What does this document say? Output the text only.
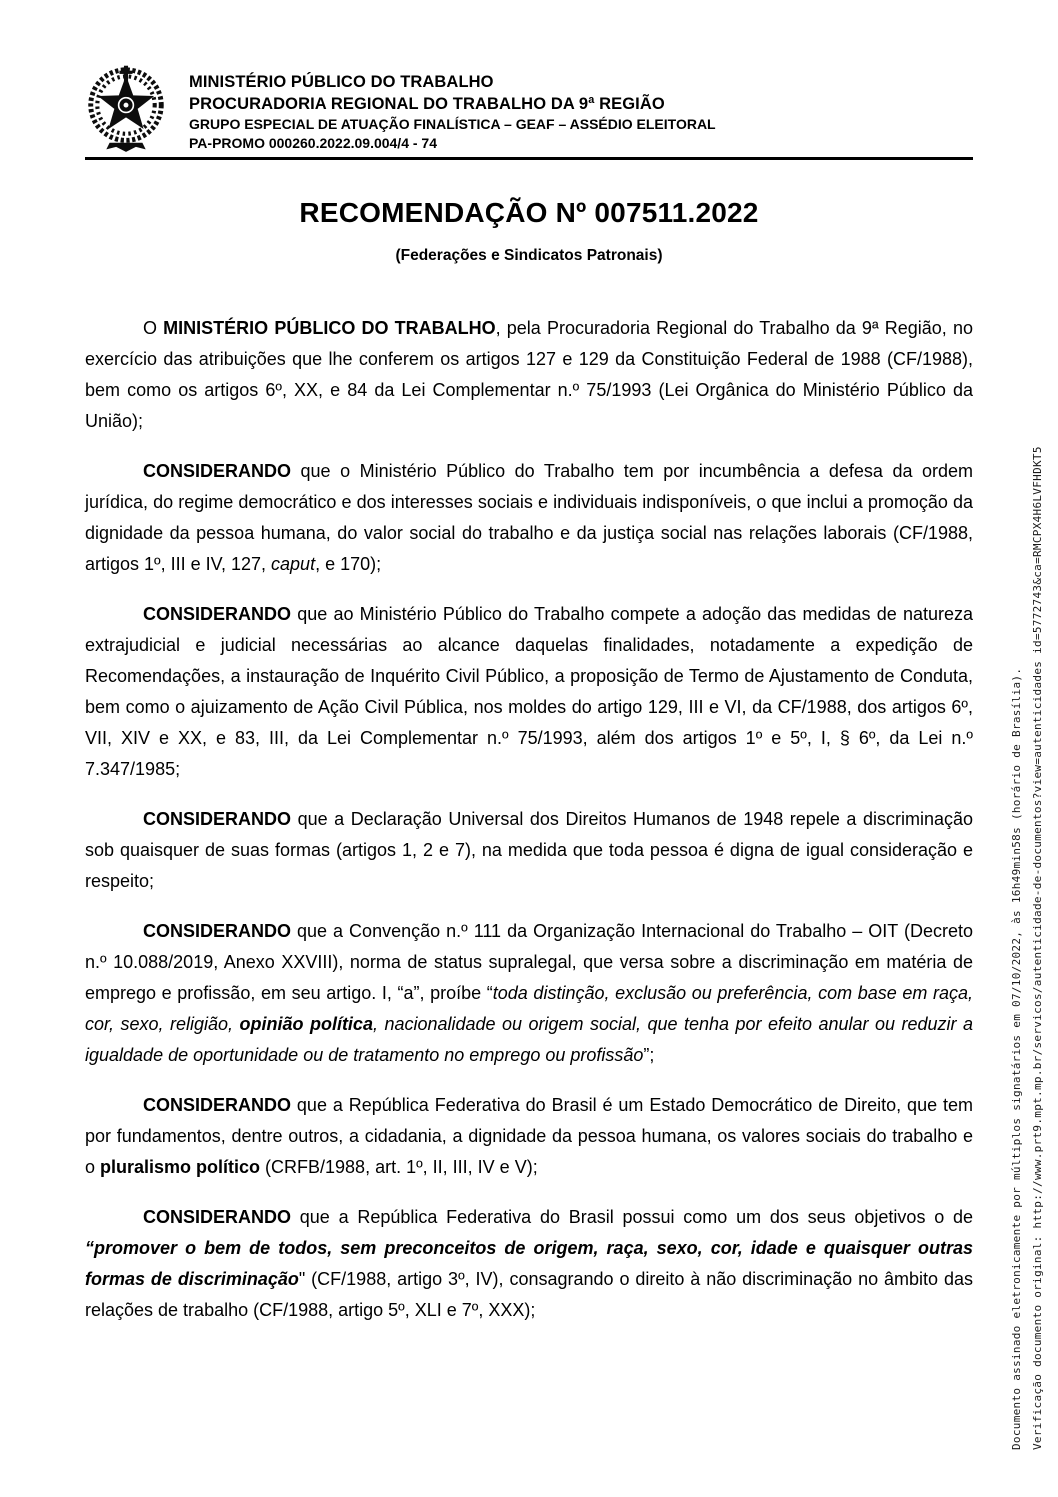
MINISTÉRIO PÚBLICO DO TRABALHO
PROCURADORIA REGIONAL DO TRABALHO DA 9ª REGIÃO
GRUPO ESPECIAL DE ATUAÇÃO FINALÍSTICA – GEAF – ASSÉDIO ELEITORAL
PA-PROMO 000260.2022.09.004/4 - 74
RECOMENDAÇÃO Nº 007511.2022
(Federações e Sindicatos Patronais)

O MINISTÉRIO PÚBLICO DO TRABALHO, pela Procuradoria Regional do Trabalho da 9ª Região, no exercício das atribuições que lhe conferem os artigos 127 e 129 da Constituição Federal de 1988 (CF/1988), bem como os artigos 6º, XX, e 84 da Lei Complementar n.º 75/1993 (Lei Orgânica do Ministério Público da União);

CONSIDERANDO que o Ministério Público do Trabalho tem por incumbência a defesa da ordem jurídica, do regime democrático e dos interesses sociais e individuais indisponíveis, o que inclui a promoção da dignidade da pessoa humana, do valor social do trabalho e da justiça social nas relações laborais (CF/1988, artigos 1º, III e IV, 127, caput, e 170);

CONSIDERANDO que ao Ministério Público do Trabalho compete a adoção das medidas de natureza extrajudicial e judicial necessárias ao alcance daquelas finalidades, notadamente a expedição de Recomendações, a instauração de Inquérito Civil Público, a proposição de Termo de Ajustamento de Conduta, bem como o ajuizamento de Ação Civil Pública, nos moldes do artigo 129, III e VI, da CF/1988, dos artigos 6º, VII, XIV e XX, e 83, III, da Lei Complementar n.º 75/1993, além dos artigos 1º e 5º, I, § 6º, da Lei n.º 7.347/1985;

CONSIDERANDO que a Declaração Universal dos Direitos Humanos de 1948 repele a discriminação sob quaisquer de suas formas (artigos 1, 2 e 7), na medida que toda pessoa é digna de igual consideração e respeito;

CONSIDERANDO que a Convenção n.º 111 da Organização Internacional do Trabalho – OIT (Decreto n.º 10.088/2019, Anexo XXVIII), norma de status supralegal, que versa sobre a discriminação em matéria de emprego e profissão, em seu artigo. I, “a”, proíbe “toda distinção, exclusão ou preferência, com base em raça, cor, sexo, religião, opinião política, nacionalidade ou origem social, que tenha por efeito anular ou reduzir a igualdade de oportunidade ou de tratamento no emprego ou profissão”;

CONSIDERANDO que a República Federativa do Brasil é um Estado Democrático de Direito, que tem por fundamentos, dentre outros, a cidadania, a dignidade da pessoa humana, os valores sociais do trabalho e o pluralismo político (CRFB/1988, art. 1º, II, III, IV e V);

CONSIDERANDO que a República Federativa do Brasil possui como um dos seus objetivos o de “promover o bem de todos, sem preconceitos de origem, raça, sexo, cor, idade e quaisquer outras formas de discriminação" (CF/1988, artigo 3º, IV), consagrando o direito à não discriminação no âmbito das relações de trabalho (CF/1988, artigo 5º, XLI e 7º, XXX);	Documento assinado eletronicamente por múltiplos signatários em 07/10/2022, às 16h49min58s (horário de Brasília). Verificação documento original: http://www.prt9.mpt.mp.br/servicos/autenticidade-de-documentos?view=autenticidades id=5772743&ca=RMCPX4H6LVFHDKT5
